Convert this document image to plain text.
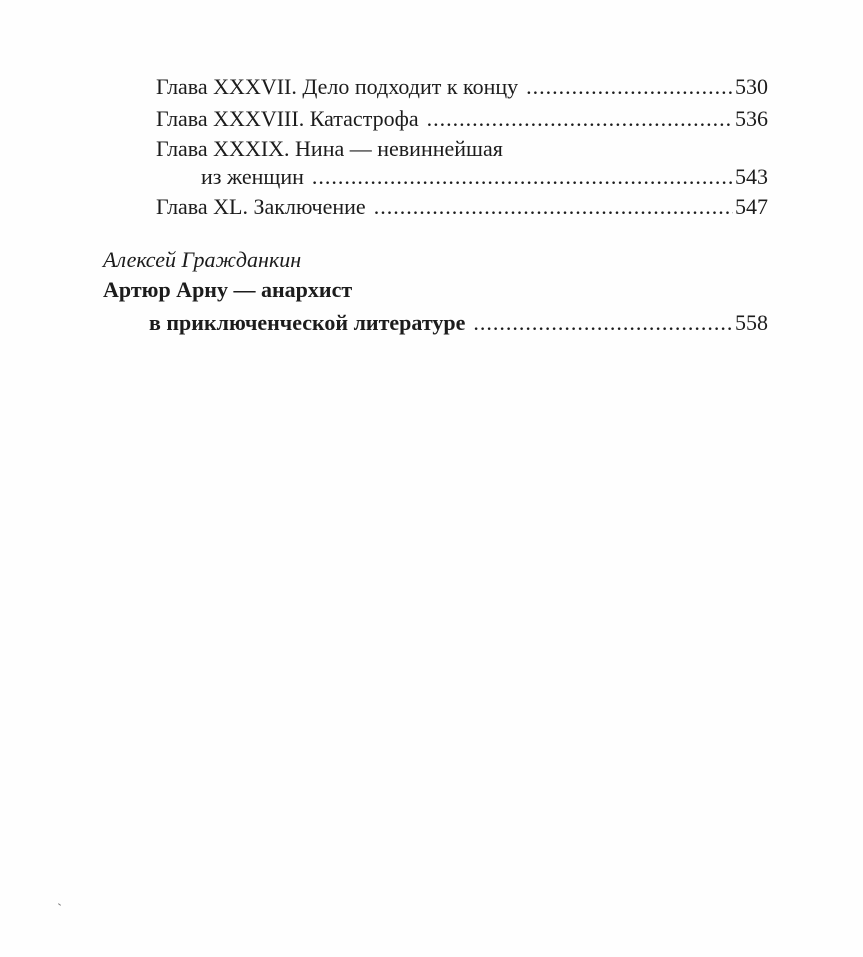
Глава XXXVII. Дело подходит к концу .....	530
Глава XXXVIII. Катастрофа .....	536
Глава XXXIX. Нина — невиннейшая
из женщин .....	543
Глава XL. Заключение .....	547
Алексей Гражданкин
Артюр Арну — анархист
в приключенческой литературе .....	558
